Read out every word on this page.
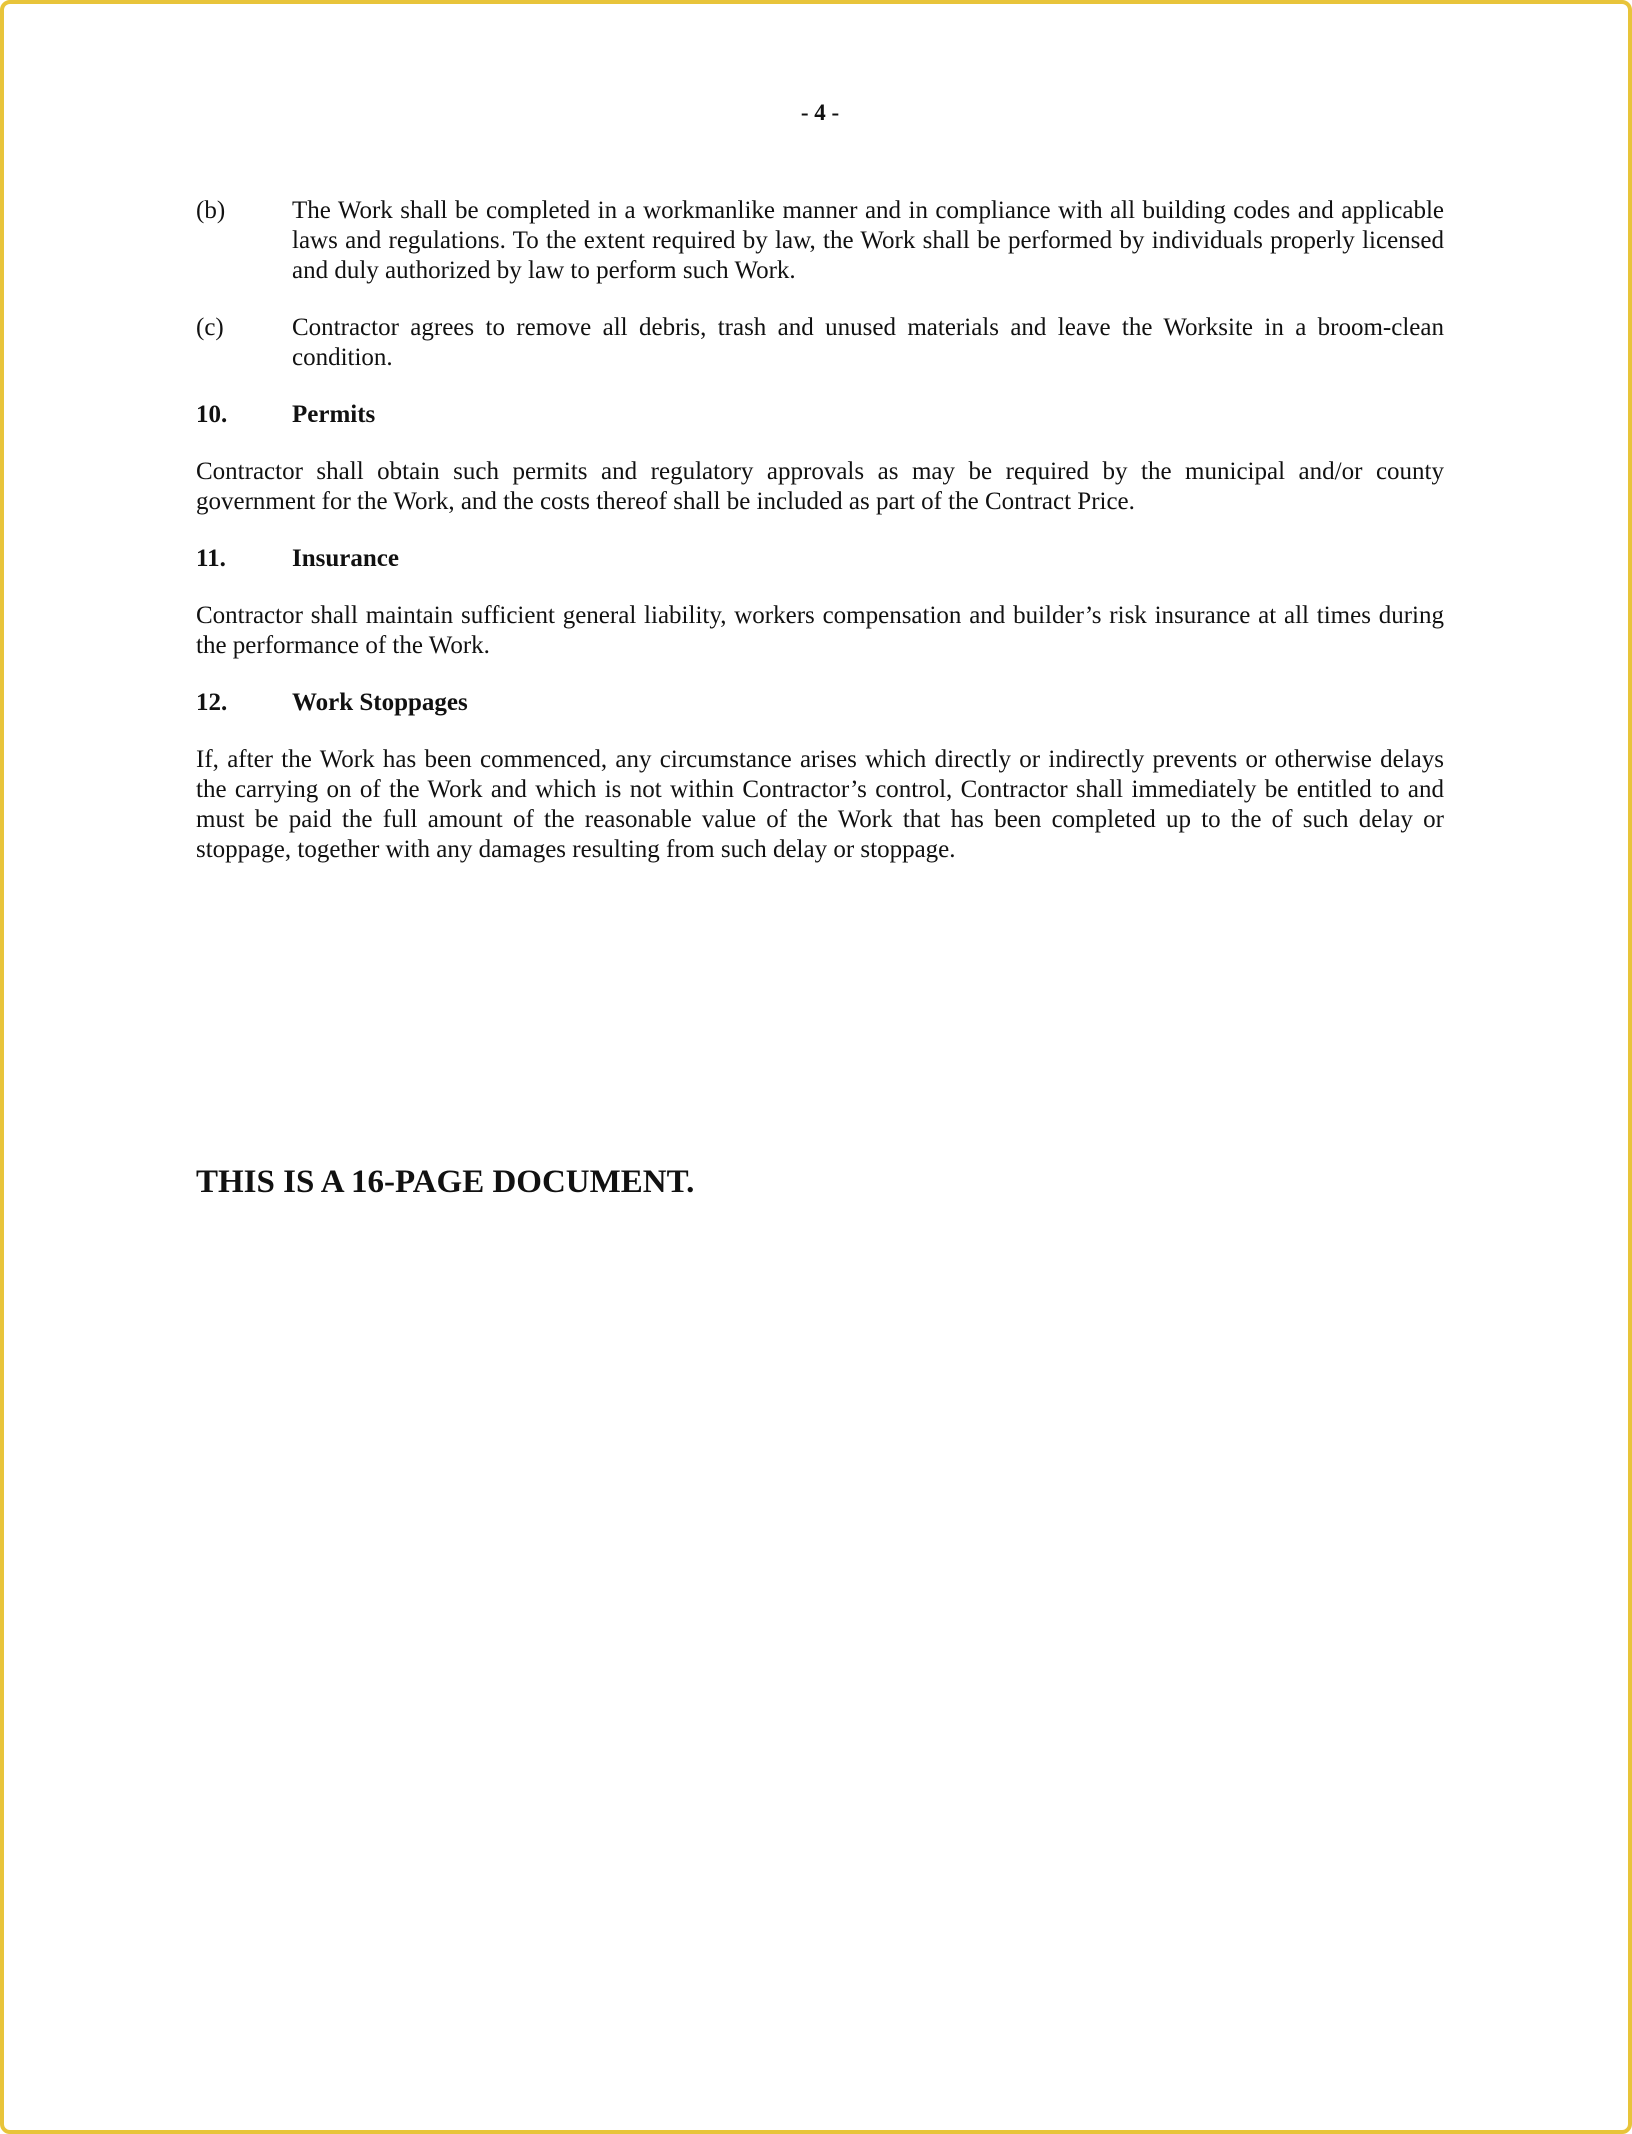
- 4 -
(b)	The Work shall be completed in a workmanlike manner and in compliance with all building codes and applicable laws and regulations. To the extent required by law, the Work shall be performed by individuals properly licensed and duly authorized by law to perform such Work.
(c)	Contractor agrees to remove all debris, trash and unused materials and leave the Worksite in a broom-clean condition.
10.	Permits
Contractor shall obtain such permits and regulatory approvals as may be required by the municipal and/or county government for the Work, and the costs thereof shall be included as part of the Contract Price.
11.	Insurance
Contractor shall maintain sufficient general liability, workers compensation and builder’s risk insurance at all times during the performance of the Work.
12.	Work Stoppages
If, after the Work has been commenced, any circumstance arises which directly or indirectly prevents or otherwise delays the carrying on of the Work and which is not within Contractor’s control, Contractor shall immediately be entitled to and must be paid the full amount of the reasonable value of the Work that has been completed up to the of such delay or stoppage, together with any damages resulting from such delay or stoppage.
THIS IS A 16-PAGE DOCUMENT.
